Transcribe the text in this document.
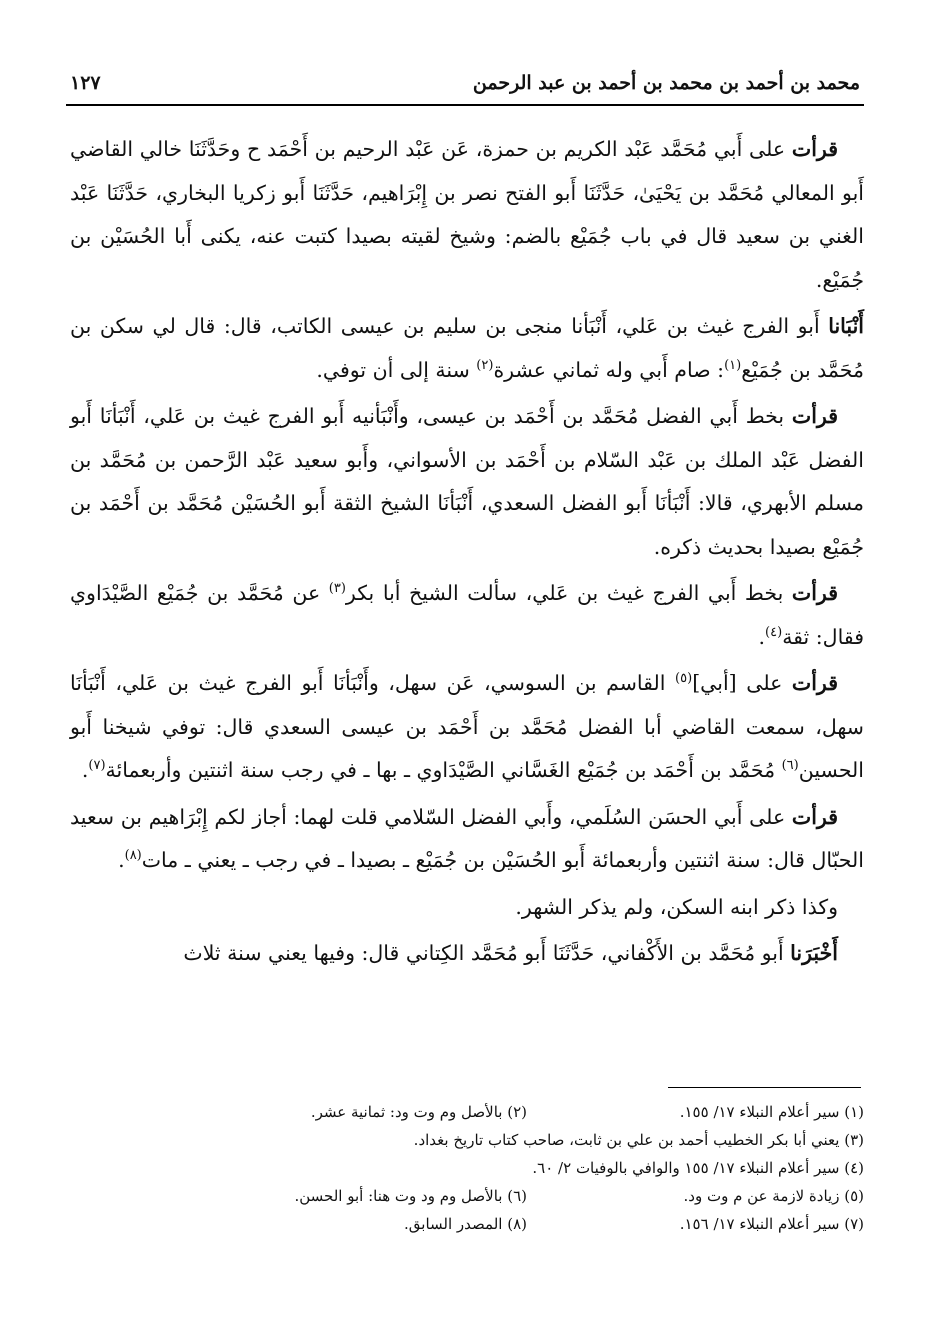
محمد بن أحمد بن محمد بن أحمد بن عبد الرحمن
١٢٧

قرأت على أَبي مُحَمَّد عَبْد الكريم بن حمزة، عَن عَبْد الرحيم بن أَحْمَد ح وحَدَّثَنَا خالي القاضي أَبو المعالي مُحَمَّد بن يَحْيَىٰ، حَدَّثَنَا أَبو الفتح نصر بن إِبْرَاهيم، حَدَّثَنَا أَبو زكريا البخاري، حَدَّثَنَا عَبْد الغني بن سعيد قال في باب جُمَيْع بالضم: وشيخ لقيته بصيدا كتبت عنه، يكنى أَبا الحُسَيْن بن جُمَيْع.

أَنْبَانا أَبو الفرج غيث بن عَلي، أَنْبَأنا منجى بن سليم بن عيسى الكاتب، قال: قال لي سكن بن مُحَمَّد بن جُمَيْع$^{(١)}$: صام أَبي وله ثماني عشرة$^{(٢)}$ سنة إلى أن توفي.

قرأت بخط أَبي الفضل مُحَمَّد بن أَحْمَد بن عيسى، وأَنْبَأنيه أَبو الفرج غيث بن عَلي، أَنْبَأنَا أَبو الفضل عَبْد الملك بن عَبْد السّلام بن أَحْمَد بن الأسواني، وأَبو سعيد عَبْد الرَّحمن بن مُحَمَّد بن مسلم الأبهري، قالا: أَنْبَأنَا أَبو الفضل السعدي، أَنْبَأنَا الشيخ الثقة أَبو الحُسَيْن مُحَمَّد بن أَحْمَد بن جُمَيْع بصيدا بحديث ذكره.

قرأت بخط أَبي الفرج غيث بن عَلي، سألت الشيخ أبا بكر$^{(٣)}$ عن مُحَمَّد بن جُمَيْع الصَّيْدَاوي فقال: ثقة$^{(٤)}$.

قرأت على [أبي]$^{(٥)}$ القاسم بن السوسي، عَن سهل، وأَنْبَأنَا أَبو الفرج غيث بن عَلي، أَنْبَأنَا سهل، سمعت القاضي أبا الفضل مُحَمَّد بن أَحْمَد بن عيسى السعدي قال: توفي شيخنا أَبو الحسين$^{(٦)}$ مُحَمَّد بن أَحْمَد بن جُمَيْع الغَسَّاني الصَّيْدَاوي ـ بها ـ في رجب سنة اثنتين وأربعمائة$^{(٧)}$.

قرأت على أَبي الحسَن السُلَمي، وأَبي الفضل السّلامي قلت لهما: أجاز لكم إِبْرَاهيم بن سعيد الحبّال قال: سنة اثنتين وأربعمائة أَبو الحُسَيْن بن جُمَيْع ـ بصيدا ـ في رجب ـ يعني ـ مات$^{(٨)}$.

وكذا ذكر ابنه السكن، ولم يذكر الشهر.

أَخْبَرَنا أَبو مُحَمَّد بن الأَكْفاني، حَدَّثَنَا أَبو مُحَمَّد الكِتاني قال: وفيها يعني سنة ثلاث

(١) سير أعلام النبلاء ١٧/ ١٥٥.
(٢) بالأصل وم وت ود: ثمانية عشر.
(٣) يعني أبا بكر الخطيب أحمد بن علي بن ثابت، صاحب كتاب تاريخ بغداد.
(٤) سير أعلام النبلاء ١٧/ ١٥٥ والوافي بالوفيات ٢/ ٦٠.
(٥) زيادة لازمة عن م وت ود.
(٦) بالأصل وم ود وت هنا: أبو الحسن.
(٧) سير أعلام النبلاء ١٧/ ١٥٦.
(٨) المصدر السابق.
